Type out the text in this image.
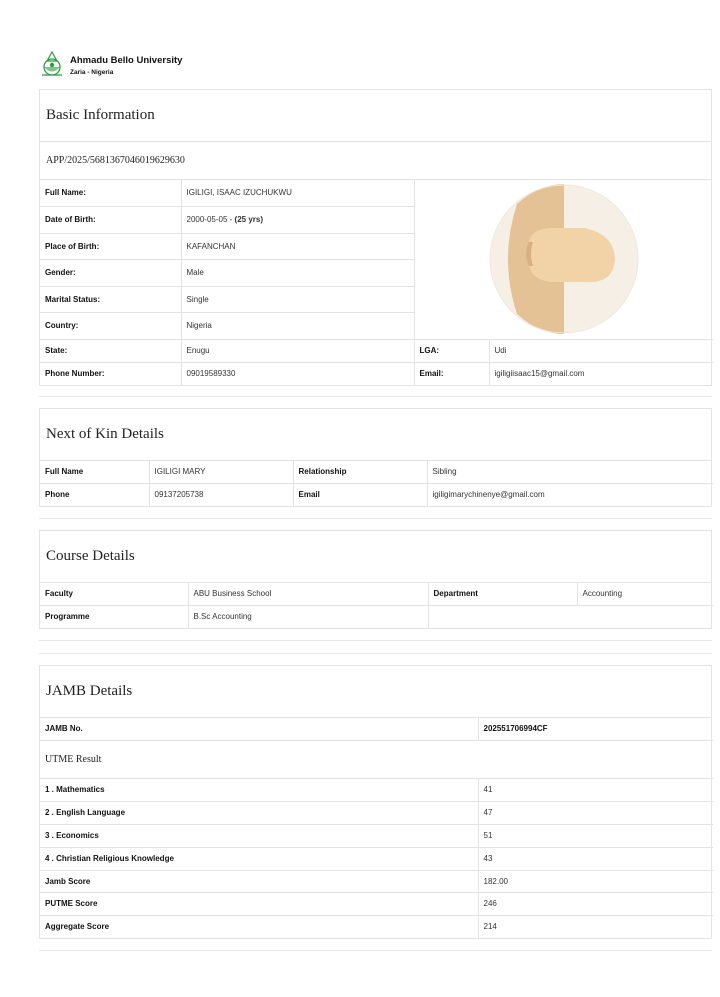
Ahmadu Bello University
Zaria - Nigeria
Basic Information
APP/2025/5681367046019629630
Full Name:	IGILIGI, ISAAC IZUCHUKWU	

Date of Birth:	2000-05-05 - (25 yrs)		
Place of Birth:	KAFANCHAN		
Gender:	Male		
Marital Status:	Single		
Country:	Nigeria		
State:	Enugu	LGA:	Udi
Phone Number:	09019589330	Email:	igiligiisaac15@gmail.com
Next of Kin Details
Full Name	IGILIGI MARY	Relationship	Sibling
Phone	09137205738	Email	igiligimarychinenye@gmail.com
Course Details
Faculty	ABU Business School	Department	Accounting
Programme	B.Sc Accounting		
JAMB Details
JAMB No.	202551706994CF
UTME Result	
1 . Mathematics	41
2 . English Language	47
3 . Economics	51
4 . Christian Religious Knowledge	43
Jamb Score	182.00
PUTME Score	246
Aggregate Score	214
